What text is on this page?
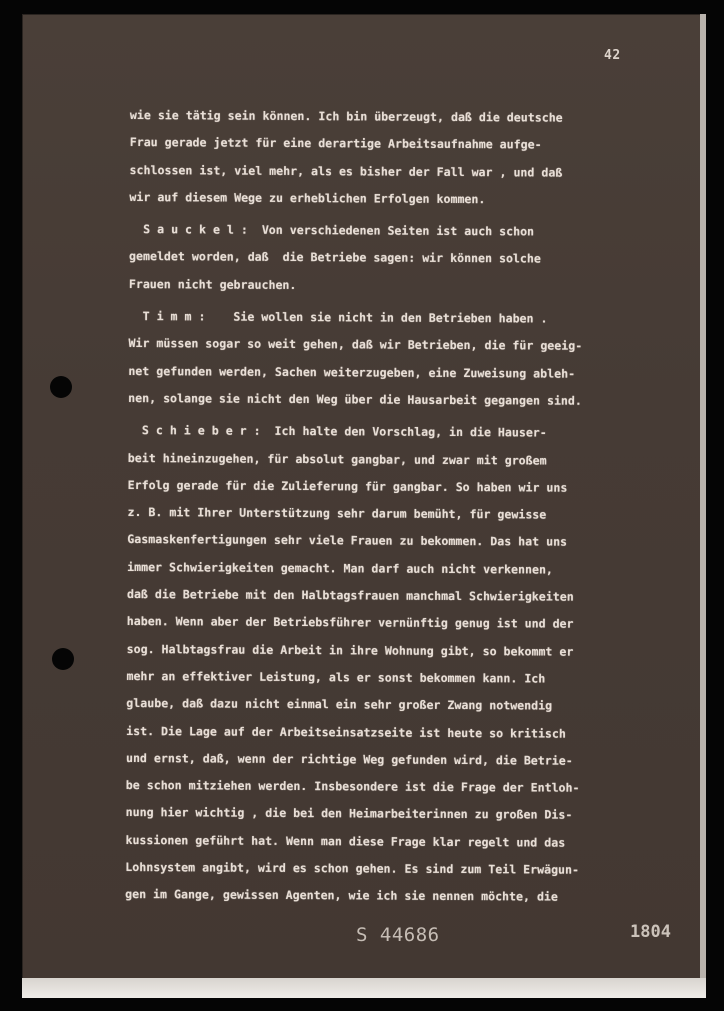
42
wie sie tätig sein können. Ich bin überzeugt, daß die deutsche
Frau gerade jetzt für eine derartige Arbeitsaufnahme aufge-
schlossen ist, viel mehr, als es bisher der Fall war , und daß
wir auf diesem Wege zu erheblichen Erfolgen kommen.
S a u c k e l :  Von verschiedenen Seiten ist auch schon
gemeldet worden, daß  die Betriebe sagen: wir können solche
Frauen nicht gebrauchen.
T i m m :    Sie wollen sie nicht in den Betrieben haben .
Wir müssen sogar so weit gehen, daß wir Betrieben, die für geeig-
net gefunden werden, Sachen weiterzugeben, eine Zuweisung ableh-
nen, solange sie nicht den Weg über die Hausarbeit gegangen sind.
S c h i e b e r :  Ich halte den Vorschlag, in die Hauser-
beit hineinzugehen, für absolut gangbar, und zwar mit großem
Erfolg gerade für die Zulieferung für gangbar. So haben wir uns
z. B. mit Ihrer Unterstützung sehr darum bemüht, für gewisse
Gasmaskenfertigungen sehr viele Frauen zu bekommen. Das hat uns
immer Schwierigkeiten gemacht. Man darf auch nicht verkennen,
daß die Betriebe mit den Halbtagsfrauen manchmal Schwierigkeiten
haben. Wenn aber der Betriebsführer vernünftig genug ist und der
sog. Halbtagsfrau die Arbeit in ihre Wohnung gibt, so bekommt er
mehr an effektiver Leistung, als er sonst bekommen kann. Ich
glaube, daß dazu nicht einmal ein sehr großer Zwang notwendig
ist. Die Lage auf der Arbeitseinsatzseite ist heute so kritisch
und ernst, daß, wenn der richtige Weg gefunden wird, die Betrie-
be schon mitziehen werden. Insbesondere ist die Frage der Entloh-
nung hier wichtig , die bei den Heimarbeiterinnen zu großen Dis-
kussionen geführt hat. Wenn man diese Frage klar regelt und das
Lohnsystem angibt, wird es schon gehen. Es sind zum Teil Erwägun-
gen im Gange, gewissen Agenten, wie ich sie nennen möchte, die
S 44686	1804
